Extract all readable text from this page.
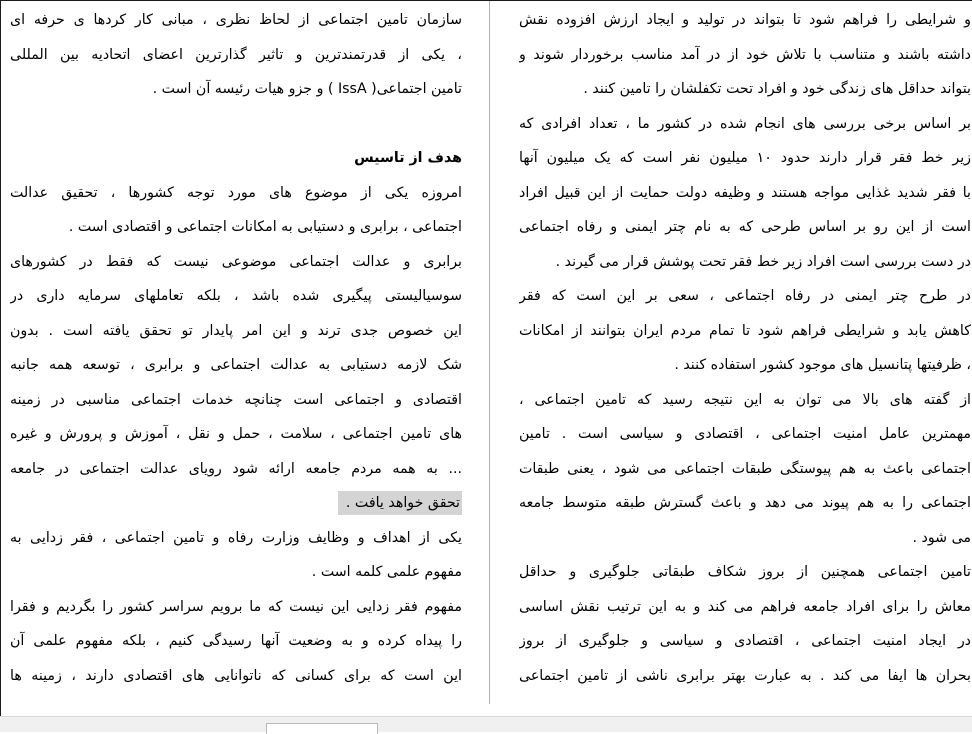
و شرایطی را فراهم شود تا بتواند در تولید و ایجاد ارزش افزوده نقش
داشته باشند و متناسب با تلاش خود از در آمد مناسب برخوردار شوند و
بتواند حداقل های زندگی خود و افراد تحت تکفلشان را تامین کنند .
بر اساس برخی بررسی های انجام شده در کشور ما ، تعداد افرادی که
زیر خط فقر قرار دارند حدود ۱۰ میلیون نفر است که یک میلیون آنها
با فقر شدید غذایی مواجه هستند و وظیفه دولت حمایت از این قبیل افراد
است از این رو بر اساس طرحی که به نام چتر ایمنی و رفاه اجتماعی
در دست بررسی است افراد زیر خط فقر تحت پوشش قرار می گیرند .
در طرح چتر ایمنی در رفاه اجتماعی ، سعی بر این است که فقر
کاهش یابد و شرایطی فراهم شود تا تمام مردم ایران بتوانند از امکانات
، ظرفیتها پتانسیل های موجود کشور استفاده کنند .
از گفته های بالا می توان به این نتیجه رسید که تامین اجتماعی ،
مهمترین عامل امنیت اجتماعی ، اقتصادی و سیاسی است . تامین
اجتماعی باعث به هم پیوستگی طبقات اجتماعی می شود ، یعنی طبقات
اجتماعی را به هم پیوند می دهد و باعث گسترش طبقه متوسط جامعه
می شود .
تامین اجتماعی همچنین از بروز شکاف طبقاتی جلوگیری و حداقل
معاش را برای افراد جامعه فراهم می کند و به این ترتیب نقش اساسی
در ایجاد امنیت اجتماعی ، اقتصادی و سیاسی و جلوگیری از بروز
بحران ها ایفا می کند . به عبارت بهتر برابری ناشی از تامین اجتماعی
سازمان تامین اجتماعی از لحاظ نظری ، مبانی کار کردها ی حرفه ای
، یکی از قدرتمندترین و تاثیر گذارترین اعضای اتحادیه بین المللی
تامین اجتماعی( IssA ) و جزو هیات رئیسه آن است .
هدف از تاسیس
امروزه یکی از موضوع های مورد توجه کشورها ، تحقیق عدالت
اجتماعی ، برابری و دستیابی به امکانات اجتماعی و اقتصادی است .
برابری و عدالت اجتماعی موضوعی نیست که فقط در کشورهای
سوسیالیستی پیگیری شده باشد ، بلکه تعاملهای سرمایه داری در
این خصوص جدی ترند و این امر پایدار تو تحقق یافته است . بدون
شک لازمه دستیابی به عدالت اجتماعی و برابری ، توسعه همه جانبه
اقتصادی و اجتماعی است چنانچه خدمات اجتماعی مناسبی در زمینه
های تامین اجتماعی ، سلامت ، حمل و نقل ، آموزش و پرورش و غیره
... به همه مردم جامعه ارائه شود رویای عدالت اجتماعی در جامعه
تحقق خواهد یافت .
یکی از اهداف و وظایف وزارت رفاه و تامین اجتماعی ، فقر زدایی به
مفهوم علمی کلمه است .
مفهوم فقر زدایی این نیست که ما برویم سراسر کشور را بگردیم و فقرا
را پیداه کرده و به وضعیت آنها رسیدگی کنیم ، بلکه مفهوم علمی آن
این است که برای کسانی که ناتوانایی های اقتصادی دارند ، زمینه ها
